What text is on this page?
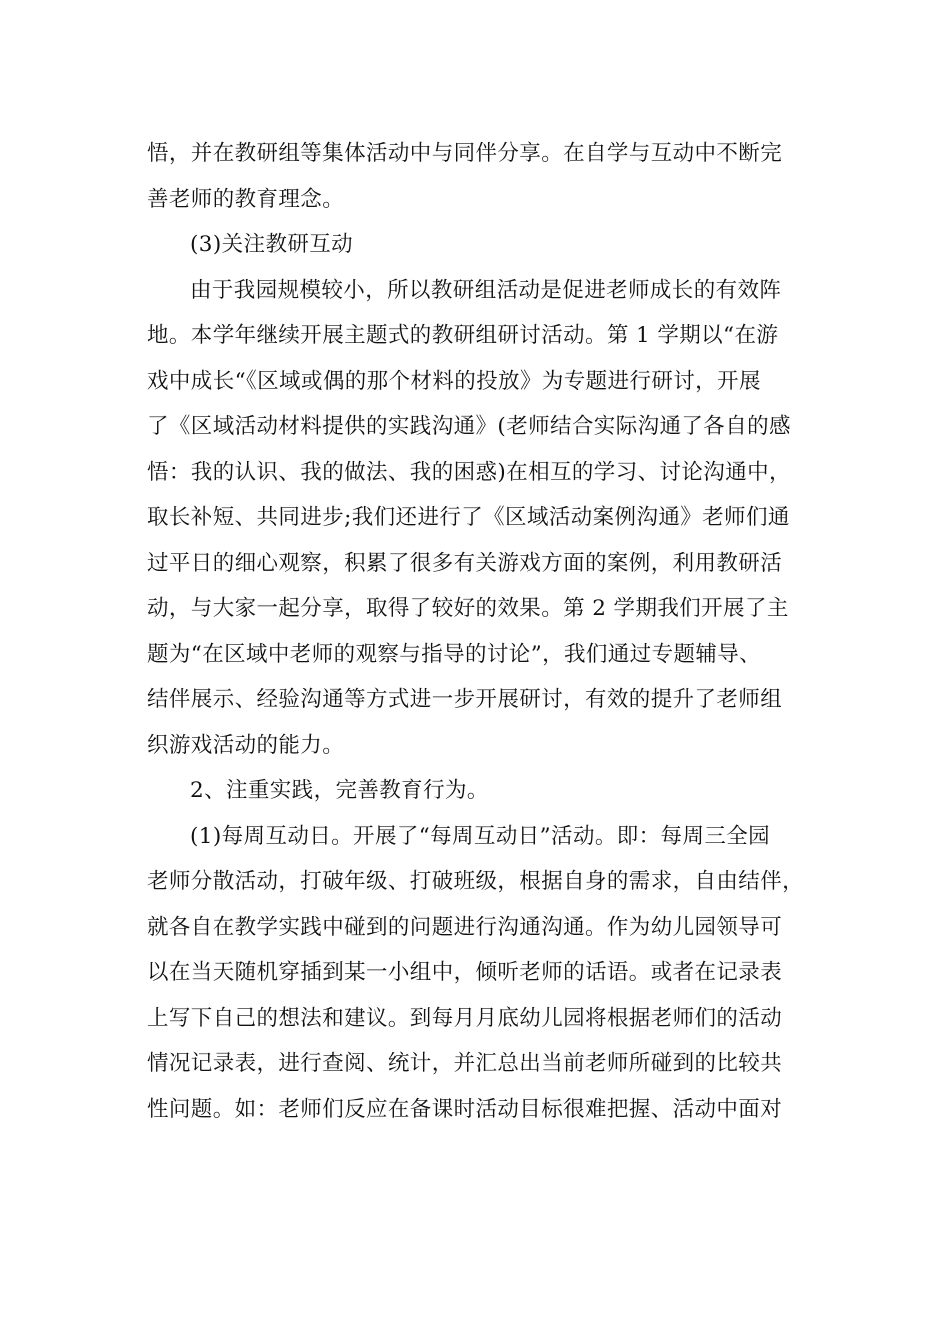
悟，并在教研组等集体活动中与同伴分享。在自学与互动中不断完
善老师的教育理念。
(3)关注教研互动
由于我园规模较小，所以教研组活动是促进老师成长的有效阵
地。本学年继续开展主题式的教研组研讨活动。第 1 学期以“在游
戏中成长“《区域或偶的那个材料的投放》为专题进行研讨，开展
了《区域活动材料提供的实践沟通》(老师结合实际沟通了各自的感
悟：我的认识、我的做法、我的困惑)在相互的学习、讨论沟通中，
取长补短、共同进步;我们还进行了《区域活动案例沟通》老师们通
过平日的细心观察，积累了很多有关游戏方面的案例，利用教研活
动，与大家一起分享，取得了较好的效果。第 2 学期我们开展了主
题为“在区域中老师的观察与指导的讨论”，我们通过专题辅导、
结伴展示、经验沟通等方式进一步开展研讨，有效的提升了老师组
织游戏活动的能力。
2、注重实践，完善教育行为。
(1)每周互动日。开展了“每周互动日”活动。即：每周三全园
老师分散活动，打破年级、打破班级，根据自身的需求，自由结伴，
就各自在教学实践中碰到的问题进行沟通沟通。作为幼儿园领导可
以在当天随机穿插到某一小组中，倾听老师的话语。或者在记录表
上写下自己的想法和建议。到每月月底幼儿园将根据老师们的活动
情况记录表，进行查阅、统计，并汇总出当前老师所碰到的比较共
性问题。如：老师们反应在备课时活动目标很难把握、活动中面对
